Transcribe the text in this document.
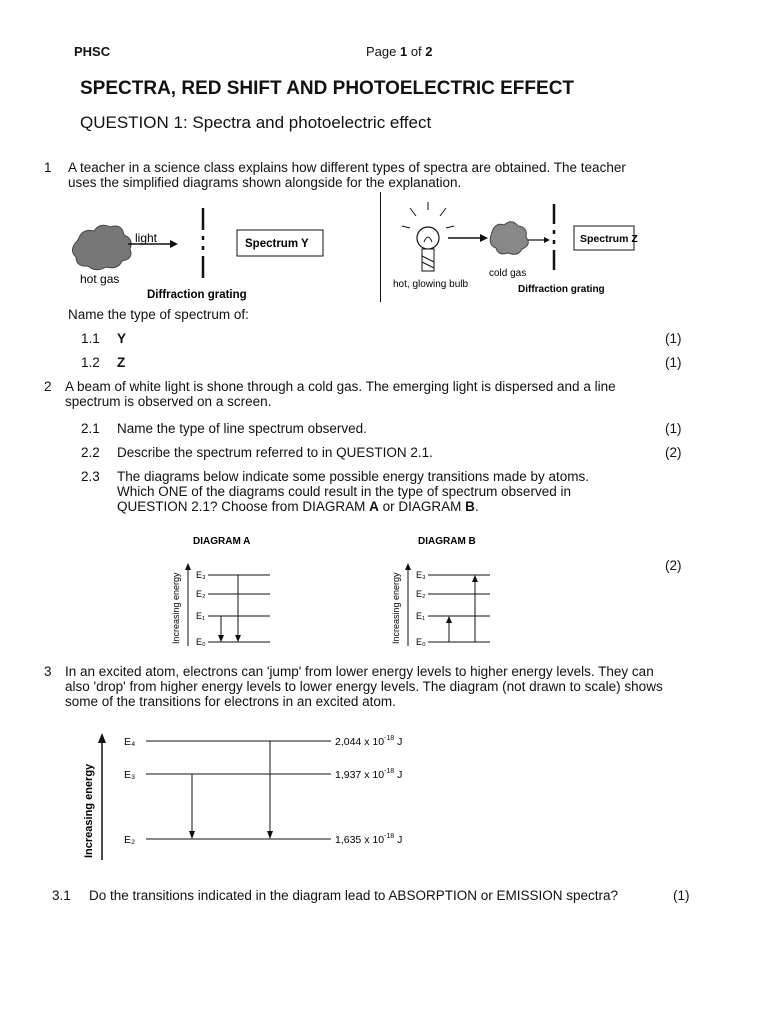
PHSC	Page 1 of 2
SPECTRA, RED SHIFT AND PHOTOELECTRIC EFFECT
QUESTION 1: Spectra and photoelectric effect
1 A teacher in a science class explains how different types of spectra are obtained. The teacher
uses the simplified diagrams shown alongside for the explanation.
light
hot gas
Spectrum Y
Diffraction grating
Spectrum Z
cold gas
hot, glowing bulb	Diffraction grating
Name the type of spectrum of:
1.1 Y	(1)
1.2 Z	(1)
2 A beam of white light is shone through a cold gas. The emerging light is dispersed and a line
spectrum is observed on a screen.
2.1 Name the type of line spectrum observed.	(1)
2.2 Describe the spectrum referred to in QUESTION 2.1.	(2)
2.3 The diagrams below indicate some possible energy transitions made by atoms.
Which ONE of the diagrams could result in the type of spectrum observed in
QUESTION 2.1? Choose from DIAGRAM A or DIAGRAM B.
(2)
DIAGRAM A
Increasing energy E₃
E₂
E₁
E₀
DIAGRAM B
Increasing energy E₃
E₂
E₁
E₀
3 In an excited atom, electrons can 'jump' from lower energy levels to higher energy levels. They can
also 'drop' from higher energy levels to lower energy levels. The diagram (not drawn to scale) shows
some of the transitions for electrons in an excited atom.
Increasing energy
E₄
E₃
E₂
2,044 x $10^{-18}$ J
1,937 x $10^{-18}$ J
1,635 x $10^{-18}$ J
3.1 Do the transitions indicated in the diagram lead to ABSORPTION or EMISSION spectra?	(1)
